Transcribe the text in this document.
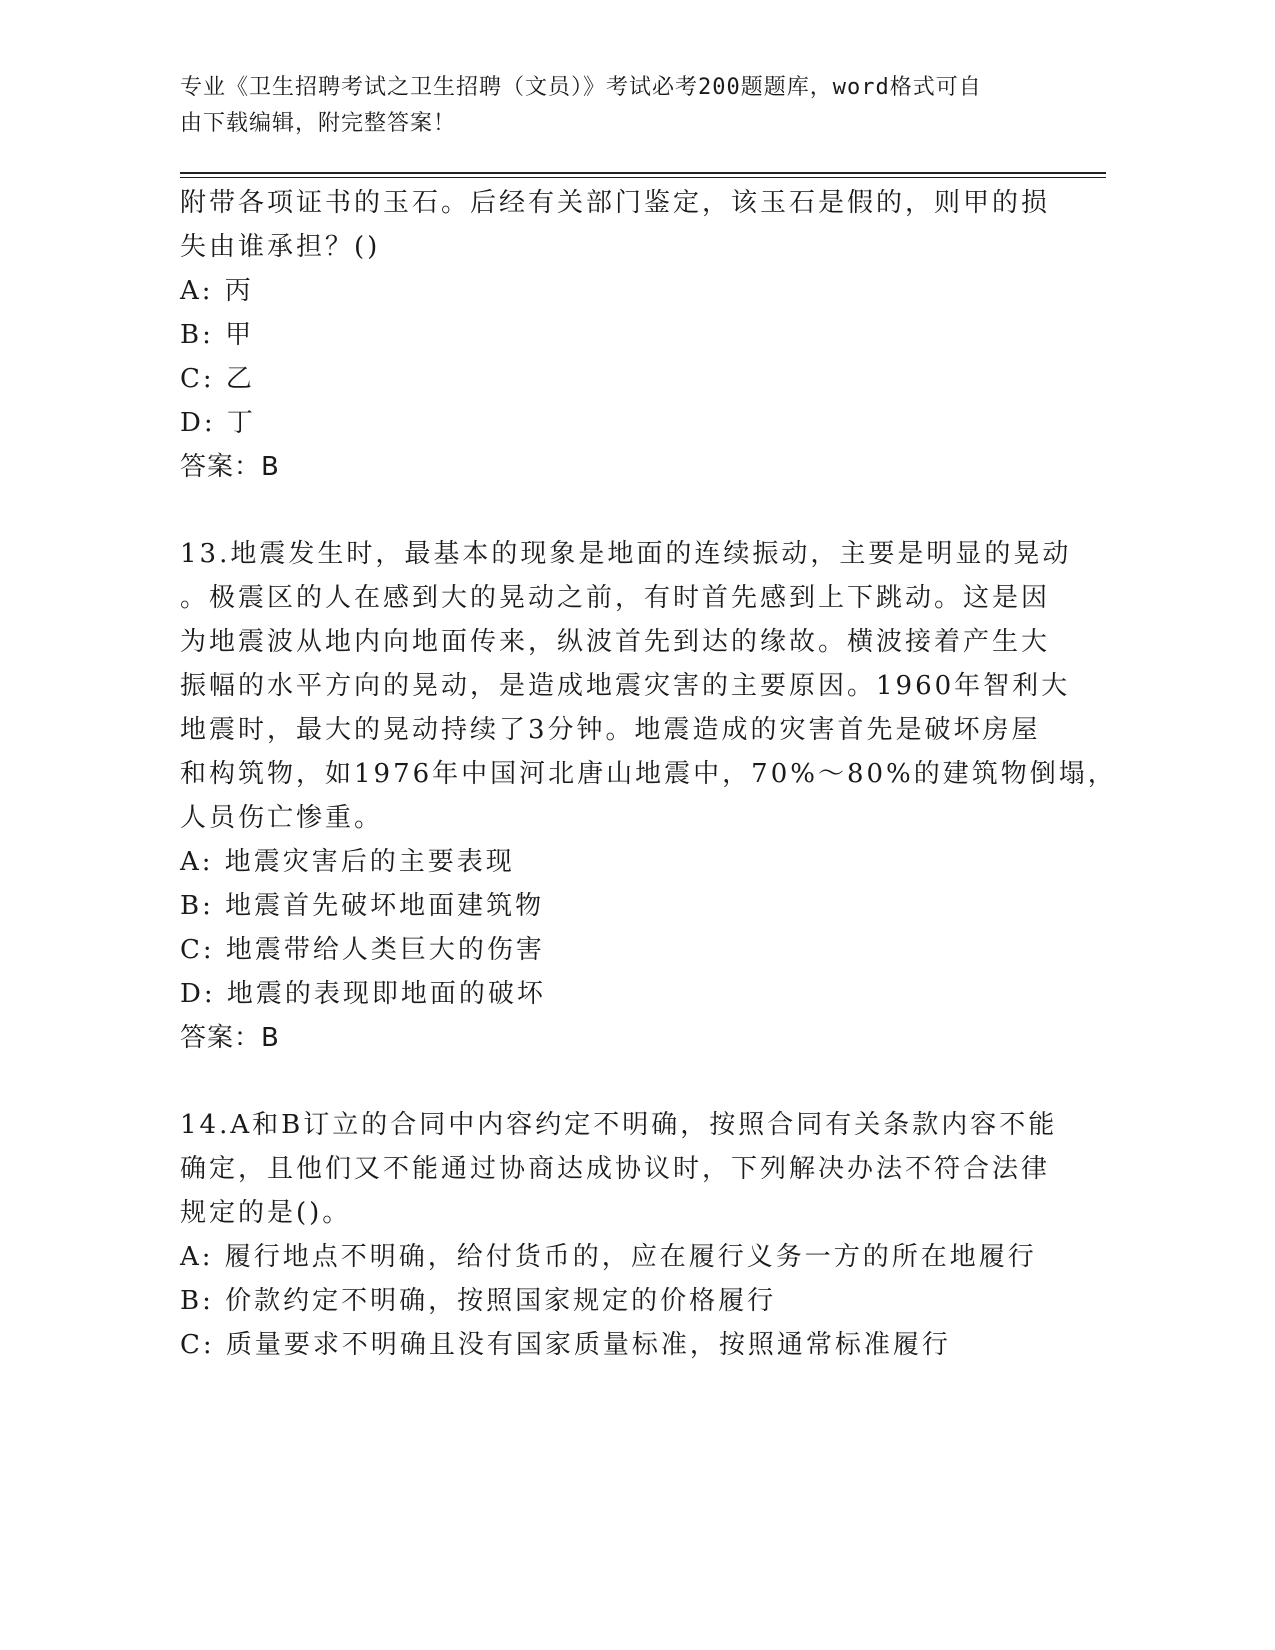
专业《卫生招聘考试之卫生招聘（文员）》考试必考200题题库，word格式可自
由下载编辑，附完整答案！
附带各项证书的玉石。后经有关部门鉴定，该玉石是假的，则甲的损
失由谁承担？()
A: 丙
B: 甲
C: 乙
D: 丁
答案：B
13.地震发生时，最基本的现象是地面的连续振动，主要是明显的晃动
。极震区的人在感到大的晃动之前，有时首先感到上下跳动。这是因
为地震波从地内向地面传来，纵波首先到达的缘故。横波接着产生大
振幅的水平方向的晃动，是造成地震灾害的主要原因。1960年智利大
地震时，最大的晃动持续了3分钟。地震造成的灾害首先是破坏房屋
和构筑物，如1976年中国河北唐山地震中，70%～80%的建筑物倒塌，
人员伤亡惨重。
A: 地震灾害后的主要表现
B: 地震首先破坏地面建筑物
C: 地震带给人类巨大的伤害
D: 地震的表现即地面的破坏
答案：B
14.A和B订立的合同中内容约定不明确，按照合同有关条款内容不能
确定，且他们又不能通过协商达成协议时，下列解决办法不符合法律
规定的是()。
A: 履行地点不明确，给付货币的，应在履行义务一方的所在地履行
B: 价款约定不明确，按照国家规定的价格履行
C: 质量要求不明确且没有国家质量标准，按照通常标准履行
